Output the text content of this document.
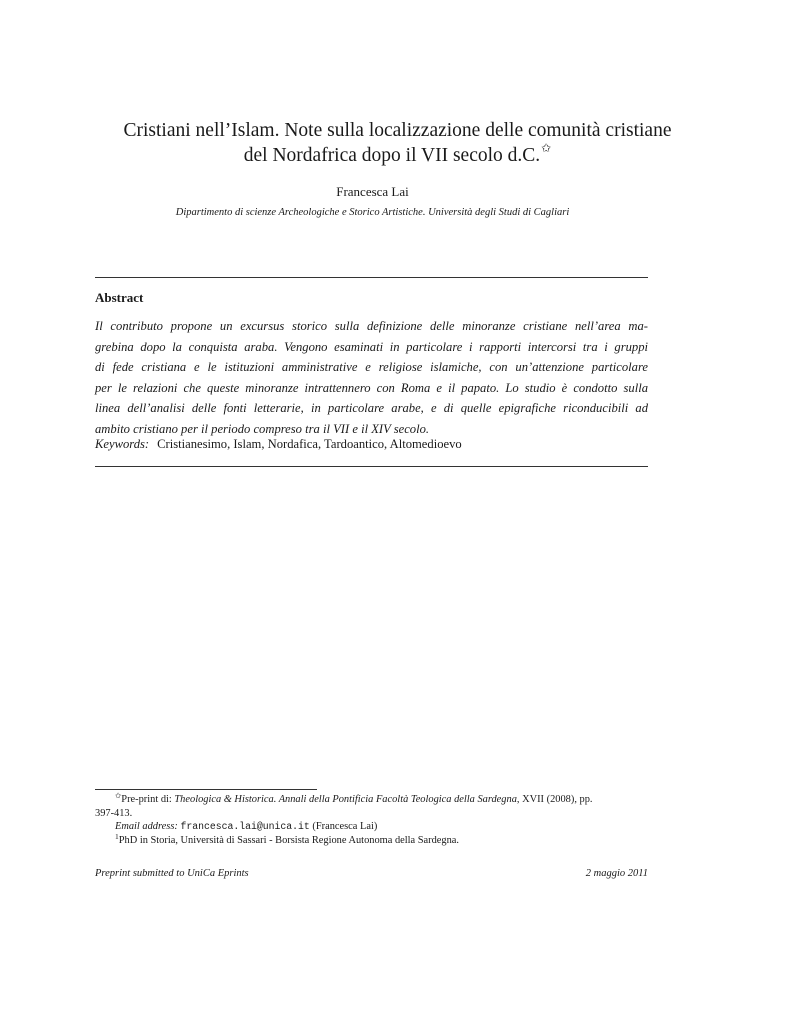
Cristiani nell’Islam. Note sulla localizzazione delle comunità cristiane
del Nordafrica dopo il VII secolo d.C.✩
Francesca Lai
Dipartimento di scienze Archeologiche e Storico Artistiche. Università degli Studi di Cagliari
Abstract
Il contributo propone un excursus storico sulla definizione delle minoranze cristiane nell’area ma-
grebina dopo la conquista araba. Vengono esaminati in particolare i rapporti intercorsi tra i gruppi
di fede cristiana e le istituzioni amministrative e religiose islamiche, con un’attenzione particolare
per le relazioni che queste minoranze intrattennero con Roma e il papato. Lo studio è condotto sulla
linea dell’analisi delle fonti letterarie, in particolare arabe, e di quelle epigrafiche riconducibili ad
ambito cristiano per il periodo compreso tra il VII e il XIV secolo.
Keywords: Cristianesimo, Islam, Nordafica, Tardoantico, Altomedioevo
✩Pre-print di: Theologica & Historica. Annali della Pontificia Facoltà Teologica della Sardegna, XVII (2008), pp.
397-413.
Email address: francesca.lai@unica.it (Francesca Lai)
$^1$PhD in Storia, Università di Sassari - Borsista Regione Autonoma della Sardegna.
Preprint submitted to UniCa Eprints	2 maggio 2011
